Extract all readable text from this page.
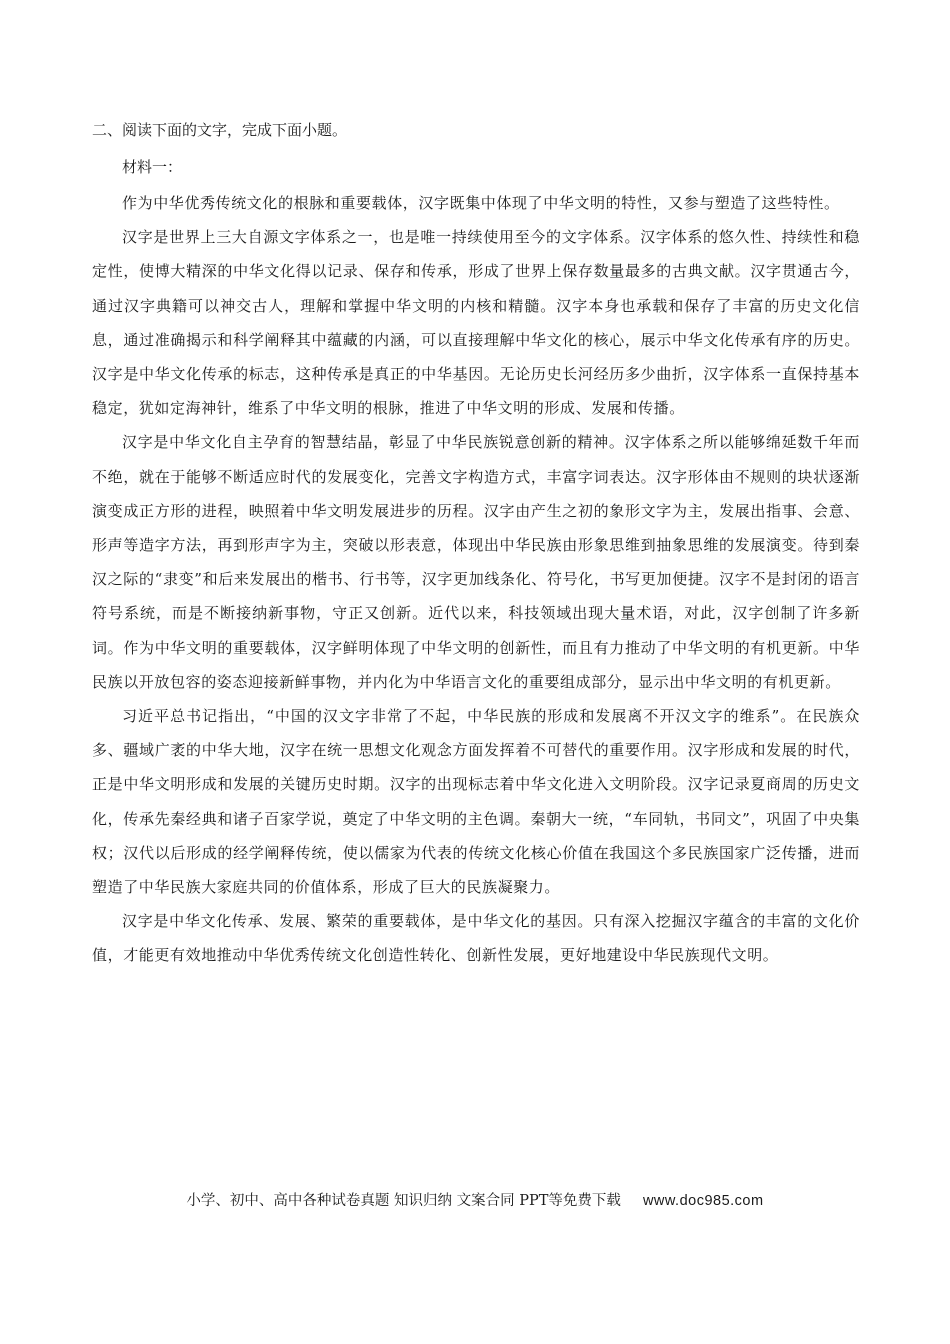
二、阅读下面的文字，完成下面小题。

材料一：

作为中华优秀传统文化的根脉和重要载体，汉字既集中体现了中华文明的特性，又参与塑造了这些特性。

汉字是世界上三大自源文字体系之一，也是唯一持续使用至今的文字体系。汉字体系的悠久性、持续性和稳定性，使博大精深的中华文化得以记录、保存和传承，形成了世界上保存数量最多的古典文献。汉字贯通古今，通过汉字典籍可以神交古人，理解和掌握中华文明的内核和精髓。汉字本身也承载和保存了丰富的历史文化信息，通过准确揭示和科学阐释其中蕴藏的内涵，可以直接理解中华文化的核心，展示中华文化传承有序的历史。汉字是中华文化传承的标志，这种传承是真正的中华基因。无论历史长河经历多少曲折，汉字体系一直保持基本稳定，犹如定海神针，维系了中华文明的根脉，推进了中华文明的形成、发展和传播。

汉字是中华文化自主孕育的智慧结晶，彰显了中华民族锐意创新的精神。汉字体系之所以能够绵延数千年而不绝，就在于能够不断适应时代的发展变化，完善文字构造方式，丰富字词表达。汉字形体由不规则的块状逐渐演变成正方形的进程，映照着中华文明发展进步的历程。汉字由产生之初的象形文字为主，发展出指事、会意、形声等造字方法，再到形声字为主，突破以形表意，体现出中华民族由形象思维到抽象思维的发展演变。待到秦汉之际的“隶变”和后来发展出的楷书、行书等，汉字更加线条化、符号化，书写更加便捷。汉字不是封闭的语言符号系统，而是不断接纳新事物，守正又创新。近代以来，科技领域出现大量术语，对此，汉字创制了许多新词。作为中华文明的重要载体，汉字鲜明体现了中华文明的创新性，而且有力推动了中华文明的有机更新。中华民族以开放包容的姿态迎接新鲜事物，并内化为中华语言文化的重要组成部分，显示出中华文明的有机更新。

习近平总书记指出，“中国的汉文字非常了不起，中华民族的形成和发展离不开汉文字的维系”。在民族众多、疆域广袤的中华大地，汉字在统一思想文化观念方面发挥着不可替代的重要作用。汉字形成和发展的时代，正是中华文明形成和发展的关键历史时期。汉字的出现标志着中华文化进入文明阶段。汉字记录夏商周的历史文化，传承先秦经典和诸子百家学说，奠定了中华文明的主色调。秦朝大一统，“车同轨，书同文”，巩固了中央集权；汉代以后形成的经学阐释传统，使以儒家为代表的传统文化核心价值在我国这个多民族国家广泛传播，进而塑造了中华民族大家庭共同的价值体系，形成了巨大的民族凝聚力。

汉字是中华文化传承、发展、繁荣的重要载体，是中华文化的基因。只有深入挖掘汉字蕴含的丰富的文化价值，才能更有效地推动中华优秀传统文化创造性转化、创新性发展，更好地建设中华民族现代文明。

小学、初中、高中各种试卷真题 知识归纳 文案合同 PPT等免费下载 www.doc985.com
